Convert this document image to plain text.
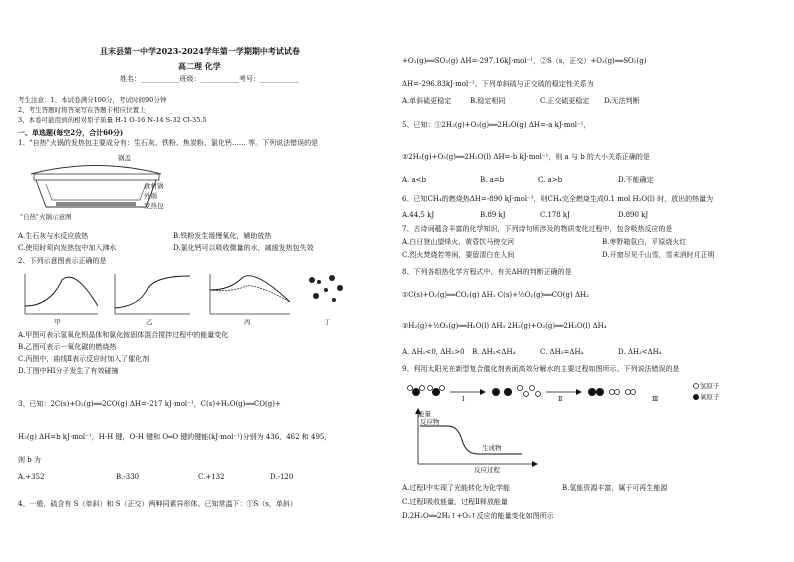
且末县第一中学2023-2024学年第一学期期中考试试卷
高二理 化学
姓名：___________班级：___________考号：___________
考生注意：1、本试卷满分100分，考试时间90分钟
2、考生答题时将答案写在答题卡相应位置上
3、本卷可能用到的相对原子质量 H-1 O-16 N-14 S-32 Cl-35.5
一、单选题(每空2分，合计60分)
1、"自热"火锅的发热包主要成分有：生石灰、铁粉、焦炭粉、氯化钙…… 等。下列说法错误的是
锅盖
食材锅
外锅
发热包
"自热"火锅示意图
A.生石灰与水反应放热	B.铁粉发生缓慢氧化，辅助放热
C.使用时须向发热包中加入沸水	D.氯化钙可以吸收微量的水，减缓发热包失效
2、下列示意图表示正确的是
甲	乙	丙	丁
A.甲图可表示氢氧化钡晶体和氯化铵固体混合搅拌过程中的能量变化
B.乙图可表示一氧化碳的燃烧热
C.丙图中，曲线Ⅱ表示反应时加入了催化剂
D.丁图中HI分子发生了有效碰撞
3、已知：2C(s)+O₂(g)══2CO(g) ΔH=-217 kJ·mol⁻¹，C(s)+H₂O(g)══CO(g)+
H₂(g) ΔH=b kJ·mol⁻¹，H-H 键，O-H 键和 O═O 键的键能(kJ·mol⁻¹)分别为 436、462 和 495，
则 b 为
A.+352	B.-330	C.+132	D.-120
4、一般，硫含有 S（单斜）和 S（正交）两种同素异形体。已知常温下：①S（s，单斜）
+O₂(g)══SO₂(g) ΔH=-297.16kJ·mol⁻¹，②S（s，正交）+O₂(g)══SO₂(g)
ΔH=-296.83kJ·mol⁻¹。下列单斜硫与正交硫的稳定性关系为
A.单斜硫更稳定	B.稳定相同	C.正交硫更稳定 D.无法判断
5、已知：①2H₂(g)+O₂(g)══2H₂O(g) ΔH=-a kJ·mol⁻¹，
②2H₂(g)+O₂(g)══2H₂O(l) ΔH=-b kJ·mol⁻¹，则 a 与 b 的大小关系正确的是
A. a<b	B. a=b	C. a>b	D.不能确定
6、已知CH₄的燃烧热ΔH=-890 kJ·mol⁻¹，则CH₄完全燃烧生成0.1 mol H₂O(l) 时，放出的热量为
A.44.5 kJ	B.89 kJ	C.178 kJ	D.890 kJ
7、古诗词蕴含丰富的化学知识，下列诗句所涉及的物质变化过程中，包含吸热反应的是
A.白日登山望烽火，黄昏饮马傍交河	B.枣野箱氛白，平原烧火红
C.烈火焚烧若等闲，要留清白在人间	D.开窗尽见千山雪，雪未消时月正明
8、下列各组热化学方程式中，有关ΔH的判断正确的是
①C(s)+O₂(g)══CO₂(g) ΔH₁ C(s)+½O₂(g)══CO(g) ΔH₂
②H₂(g)+½O₂(g)══H₂O(l) ΔH₃ 2H₂(g)+O₂(g)══2H₂O(l) ΔH₄
A. ΔH₁<0, ΔH₂>0 B. ΔH₃<ΔH₄	C. ΔH₃=ΔH₄	D. ΔH₃<ΔH₄
9、利用太阳光在新型复合催化剂表面高效分解水的主要过程如图所示。下列说法错误的是
Ⅰ	Ⅱ	Ⅲ
氢原子
氧原子
能量
反应物
生成物
反应过程
A.过程Ⅰ中实现了光能转化为化学能	B.氢能资源丰富，属于可再生能源
C.过程Ⅰ吸收能量，过程Ⅱ释放能量
D.2H₂O══2H₂↑+O₂↑反应的能量变化如图所示
